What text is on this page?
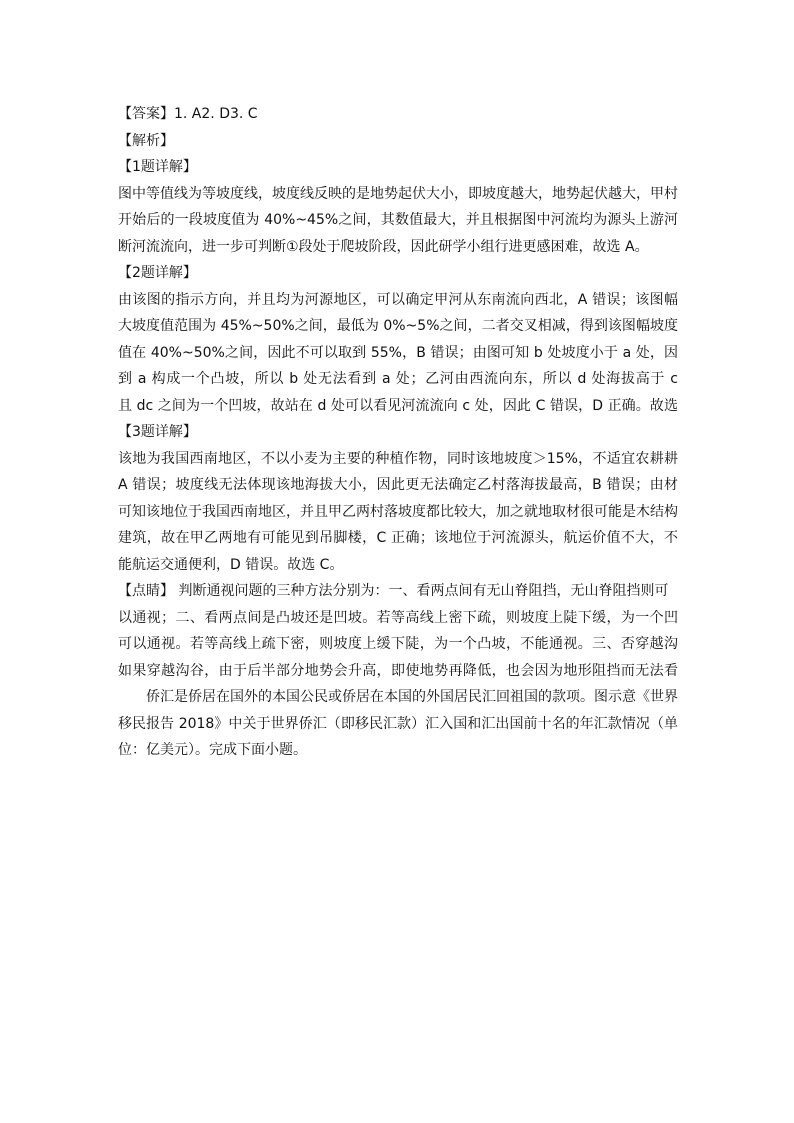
【答案】1. A2. D3. C
【解析】
【1题详解】
图中等值线为等坡度线，坡度线反映的是地势起伏大小，即坡度越大，地势起伏越大，甲村
开始后的一段坡度值为 40%~45%之间，其数值最大，并且根据图中河流均为源头上游河
断河流流向，进一步可判断①段处于爬坡阶段，因此研学小组行进更感困难，故选 A。
【2题详解】
由该图的指示方向，并且均为河源地区，可以确定甲河从东南流向西北，A 错误；该图幅
大坡度值范围为 45%~50%之间，最低为 0%~5%之间，二者交叉相减，得到该图幅坡度
值在 40%~50%之间，因此不可以取到 55%，B 错误；由图可知 b 处坡度小于 a 处，因
到 a 构成一个凸坡，所以 b 处无法看到 a 处；乙河由西流向东，所以 d 处海拔高于 c
且 dc 之间为一个凹坡，故站在 d 处可以看见河流流向 c 处，因此 C 错误，D 正确。故选
【3题详解】
该地为我国西南地区，不以小麦为主要的种植作物，同时该地坡度＞15%，不适宜农耕耕
A 错误；坡度线无法体现该地海拔大小，因此更无法确定乙村落海拔最高，B 错误；由材
可知该地位于我国西南地区，并且甲乙两村落坡度都比较大，加之就地取材很可能是木结构
建筑，故在甲乙两地有可能见到吊脚楼，C 正确；该地位于河流源头，航运价值不大，不
能航运交通便利，D 错误。故选 C。
【点睛】 判断通视问题的三种方法分别为：一、看两点间有无山脊阻挡，无山脊阻挡则可
以通视；二、看两点间是凸坡还是凹坡。若等高线上密下疏，则坡度上陡下缓，为一个凹
可以通视。若等高线上疏下密，则坡度上缓下陡，为一个凸坡，不能通视。三、否穿越沟
如果穿越沟谷，由于后半部分地势会升高，即使地势再降低，也会因为地形阻挡而无法看
侨汇是侨居在国外的本国公民或侨居在本国的外国居民汇回祖国的款项。图示意《世界
移民报告 2018》中关于世界侨汇（即移民汇款）汇入国和汇出国前十名的年汇款情况（单
位：亿美元）。完成下面小题。
